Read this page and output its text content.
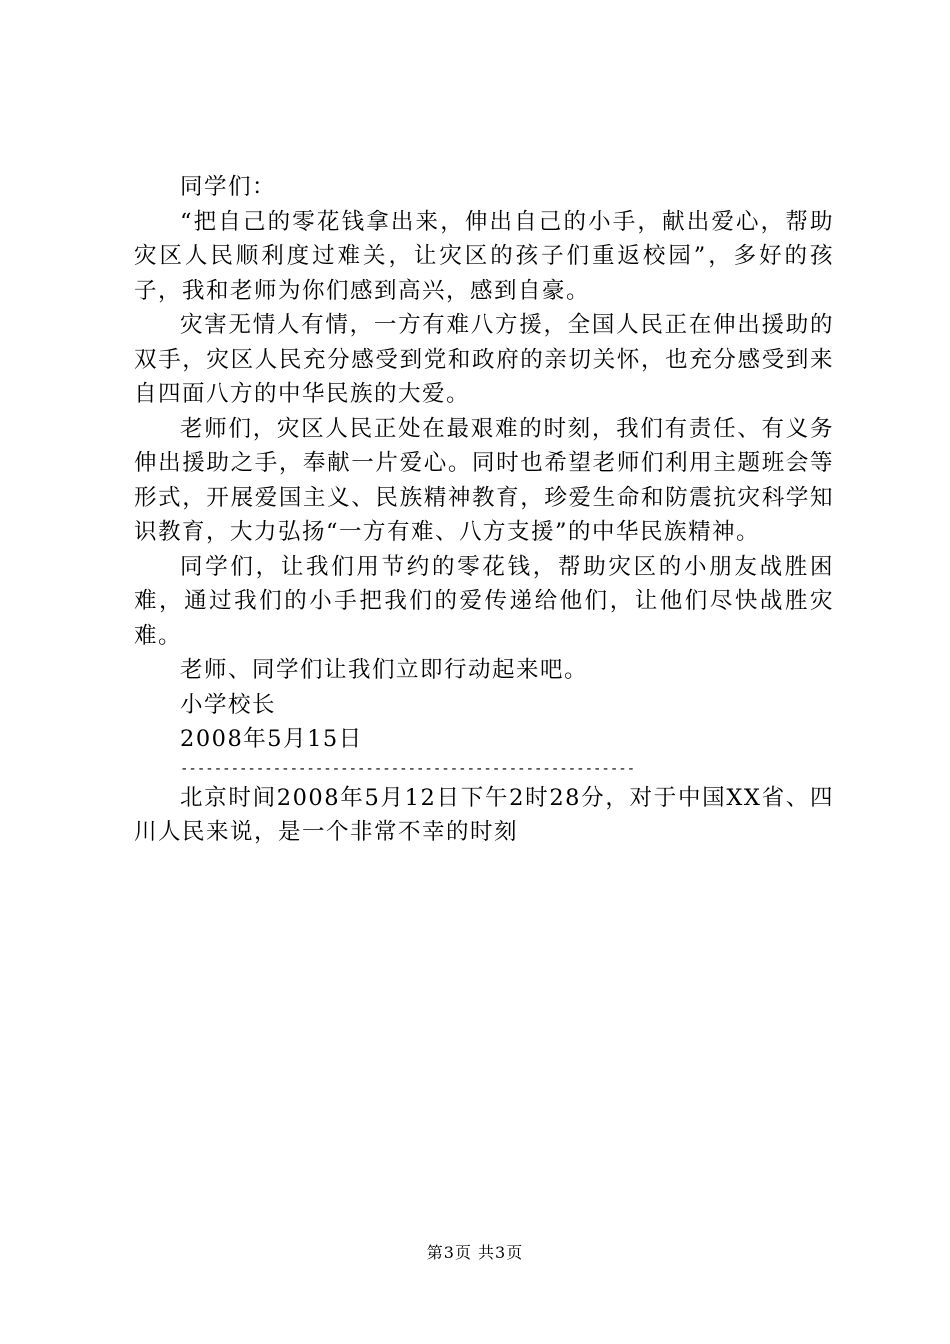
同学们：

“把自己的零花钱拿出来，伸出自己的小手，献出爱心，帮助灾区人民顺利度过难关，让灾区的孩子们重返校园”，多好的孩子，我和老师为你们感到高兴，感到自豪。

灾害无情人有情，一方有难八方援，全国人民正在伸出援助的双手，灾区人民充分感受到党和政府的亲切关怀，也充分感受到来自四面八方的中华民族的大爱。

老师们，灾区人民正处在最艰难的时刻，我们有责任、有义务伸出援助之手，奉献一片爱心。同时也希望老师们利用主题班会等形式，开展爱国主义、民族精神教育，珍爱生命和防震抗灾科学知识教育，大力弘扬“一方有难、八方支援”的中华民族精神。

同学们，让我们用节约的零花钱，帮助灾区的小朋友战胜困难，通过我们的小手把我们的爱传递给他们，让他们尽快战胜灾难。

老师、同学们让我们立即行动起来吧。

小学校长

2008年5月15日

------------------------------------------------------

北京时间2008年5月12日下午2时28分，对于中国XX省、四川人民来说，是一个非常不幸的时刻

第3页 共3页
